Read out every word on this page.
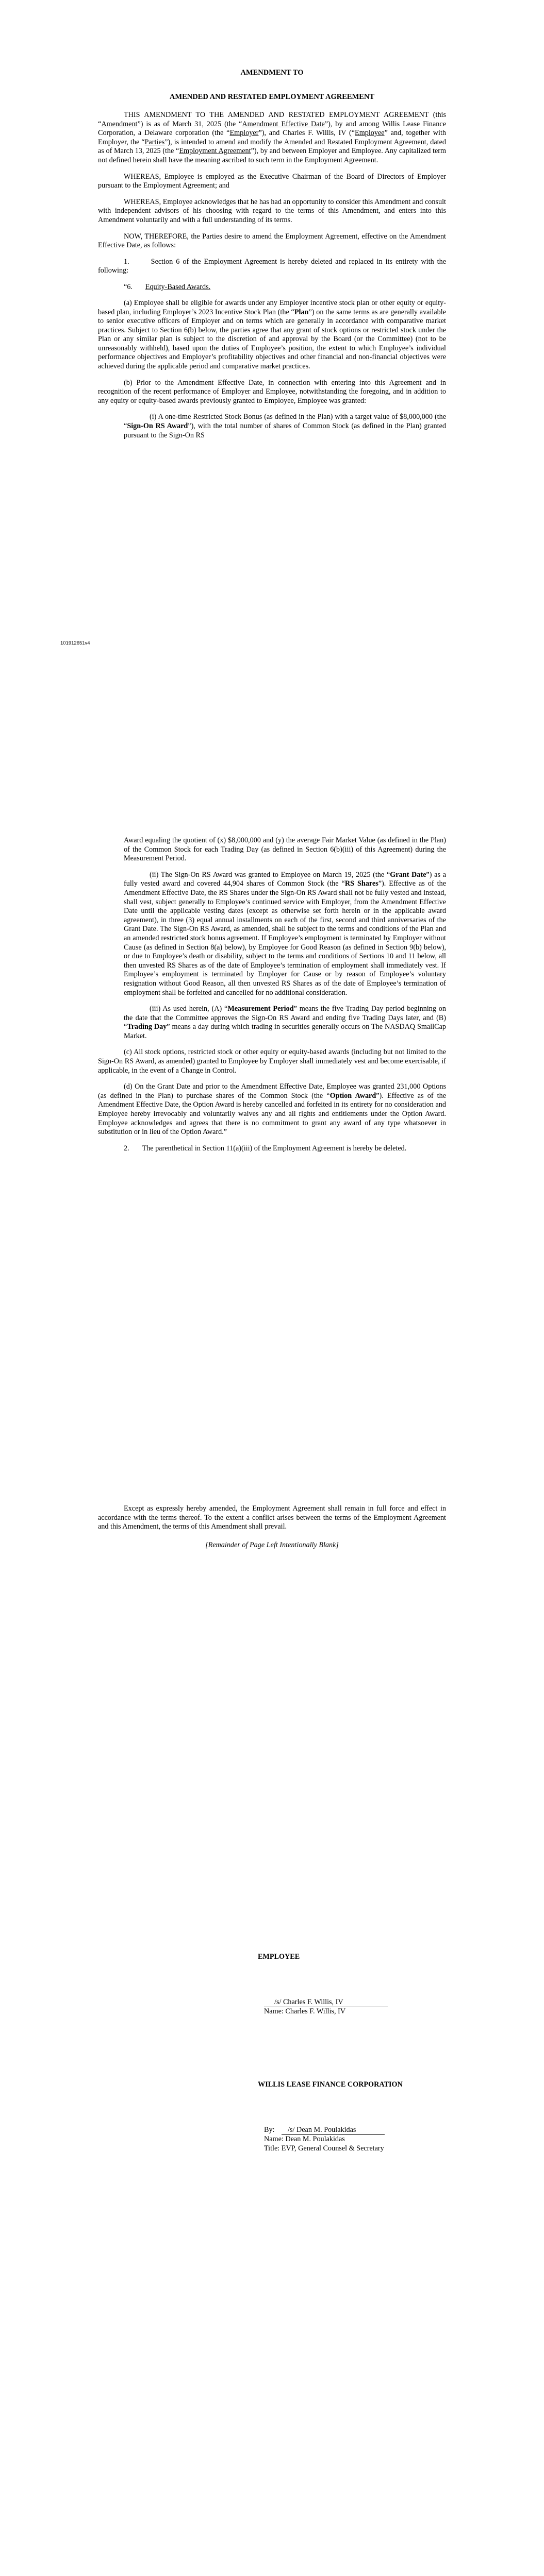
AMENDMENT TO

AMENDED AND RESTATED EMPLOYMENT AGREEMENT

THIS AMENDMENT TO THE AMENDED AND RESTATED EMPLOYMENT AGREEMENT (this “Amendment”) is as of March 31, 2025 (the “Amendment Effective Date”), by and among Willis Lease Finance Corporation, a Delaware corporation (the “Employer”), and Charles F. Willis, IV (“Employee” and, together with Employer, the “Parties”), is intended to amend and modify the Amended and Restated Employment Agreement, dated as of March 13, 2025 (the “Employment Agreement”), by and between Employer and Employee. Any capitalized term not defined herein shall have the meaning ascribed to such term in the Employment Agreement.

WHEREAS, Employee is employed as the Executive Chairman of the Board of Directors of Employer pursuant to the Employment Agreement; and

WHEREAS, Employee acknowledges that he has had an opportunity to consider this Amendment and consult with independent advisors of his choosing with regard to the terms of this Amendment, and enters into this Amendment voluntarily and with a full understanding of its terms.

NOW, THEREFORE, the Parties desire to amend the Employment Agreement, effective on the Amendment Effective Date, as follows:

1.       Section 6 of the Employment Agreement is hereby deleted and replaced in its entirety with the following:

“6. Equity-Based Awards.

(a) Employee shall be eligible for awards under any Employer incentive stock plan or other equity or equity-based plan, including Employer’s 2023 Incentive Stock Plan (the “Plan”) on the same terms as are generally available to senior executive officers of Employer and on terms which are generally in accordance with comparative market practices. Subject to Section 6(b) below, the parties agree that any grant of stock options or restricted stock under the Plan or any similar plan is subject to the discretion of and approval by the Board (or the Committee) (not to be unreasonably withheld), based upon the duties of Employee’s position, the extent to which Employee’s individual performance objectives and Employer’s profitability objectives and other financial and non-financial objectives were achieved during the applicable period and comparative market practices.

(b) Prior to the Amendment Effective Date, in connection with entering into this Agreement and in recognition of the recent performance of Employer and Employee, notwithstanding the foregoing, and in addition to any equity or equity-based awards previously granted to Employee, Employee was granted:

(i) A one-time Restricted Stock Bonus (as defined in the Plan) with a target value of $8,000,000 (the “Sign-On RS Award”), with the total number of shares of Common Stock (as defined in the Plan) granted pursuant to the Sign-On RS

101912651v4

Award equaling the quotient of (x) $8,000,000 and (y) the average Fair Market Value (as defined in the Plan) of the Common Stock for each Trading Day (as defined in Section 6(b)(iii) of this Agreement) during the Measurement Period.

(ii) The Sign-On RS Award was granted to Employee on March 19, 2025 (the “Grant Date”) as a fully vested award and covered 44,904 shares of Common Stock (the “RS Shares”). Effective as of the Amendment Effective Date, the RS Shares under the Sign-On RS Award shall not be fully vested and instead, shall vest, subject generally to Employee’s continued service with Employer, from the Amendment Effective Date until the applicable vesting dates (except as otherwise set forth herein or in the applicable award agreement), in three (3) equal annual installments on each of the first, second and third anniversaries of the Grant Date. The Sign-On RS Award, as amended, shall be subject to the terms and conditions of the Plan and an amended restricted stock bonus agreement. If Employee’s employment is terminated by Employer without Cause (as defined in Section 8(a) below), by Employee for Good Reason (as defined in Section 9(b) below), or due to Employee’s death or disability, subject to the terms and conditions of Sections 10 and 11 below, all then unvested RS Shares as of the date of Employee’s termination of employment shall immediately vest. If Employee’s employment is terminated by Employer for Cause or by reason of Employee’s voluntary resignation without Good Reason, all then unvested RS Shares as of the date of Employee’s termination of employment shall be forfeited and cancelled for no additional consideration.

(iii) As used herein, (A) “Measurement Period” means the five Trading Day period beginning on the date that the Committee approves the Sign-On RS Award and ending five Trading Days later, and (B) “Trading Day” means a day during which trading in securities generally occurs on The NASDAQ SmallCap Market.

(c) All stock options, restricted stock or other equity or equity-based awards (including but not limited to the Sign-On RS Award, as amended) granted to Employee by Employer shall immediately vest and become exercisable, if applicable, in the event of a Change in Control.

(d) On the Grant Date and prior to the Amendment Effective Date, Employee was granted 231,000 Options (as defined in the Plan) to purchase shares of the Common Stock (the “Option Award”). Effective as of the Amendment Effective Date, the Option Award is hereby cancelled and forfeited in its entirety for no consideration and Employee hereby irrevocably and voluntarily waives any and all rights and entitlements under the Option Award. Employee acknowledges and agrees that there is no commitment to grant any award of any type whatsoever in substitution or in lieu of the Option Award.”

2.       The parenthetical in Section 11(a)(iii) of the Employment Agreement is hereby be deleted.

Except as expressly hereby amended, the Employment Agreement shall remain in full force and effect in accordance with the terms thereof. To the extent a conflict arises between the terms of the Employment Agreement and this Amendment, the terms of this Amendment shall prevail.

[Remainder of Page Left Intentionally Blank]

EMPLOYEE
/s/ Charles F. Willis, IV
Name: Charles F. Willis, IV
WILLIS LEASE FINANCE CORPORATION
By: /s/ Dean M. Poulakidas
Name: Dean M. Poulakidas
Title: EVP, General Counsel & Secretary
